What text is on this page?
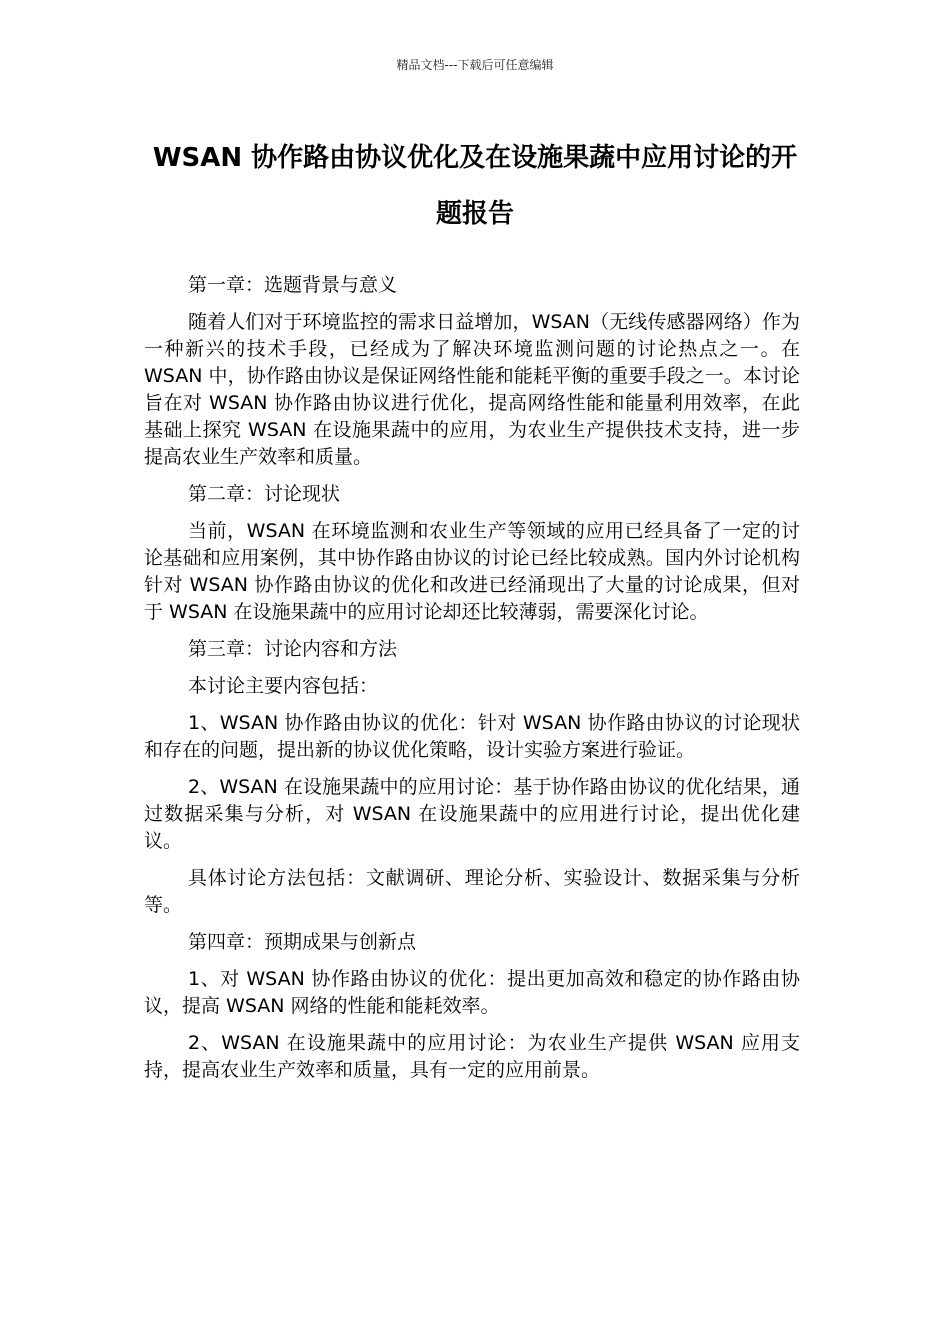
精品文档---下载后可任意编辑
WSAN 协作路由协议优化及在设施果蔬中应用讨论的开题报告

第一章：选题背景与意义

随着人们对于环境监控的需求日益增加，WSAN（无线传感器网络）作为一种新兴的技术手段，已经成为了解决环境监测问题的讨论热点之一。在 WSAN 中，协作路由协议是保证网络性能和能耗平衡的重要手段之一。本讨论旨在对 WSAN 协作路由协议进行优化，提高网络性能和能量利用效率，在此基础上探究 WSAN 在设施果蔬中的应用，为农业生产提供技术支持，进一步提高农业生产效率和质量。

第二章：讨论现状

当前，WSAN 在环境监测和农业生产等领域的应用已经具备了一定的讨论基础和应用案例，其中协作路由协议的讨论已经比较成熟。国内外讨论机构针对 WSAN 协作路由协议的优化和改进已经涌现出了大量的讨论成果，但对于 WSAN 在设施果蔬中的应用讨论却还比较薄弱，需要深化讨论。

第三章：讨论内容和方法

本讨论主要内容包括：

1、WSAN 协作路由协议的优化：针对 WSAN 协作路由协议的讨论现状和存在的问题，提出新的协议优化策略，设计实验方案进行验证。

2、WSAN 在设施果蔬中的应用讨论：基于协作路由协议的优化结果，通过数据采集与分析，对 WSAN 在设施果蔬中的应用进行讨论，提出优化建议。

具体讨论方法包括：文献调研、理论分析、实验设计、数据采集与分析等。

第四章：预期成果与创新点

1、对 WSAN 协作路由协议的优化：提出更加高效和稳定的协作路由协议，提高 WSAN 网络的性能和能耗效率。

2、WSAN 在设施果蔬中的应用讨论：为农业生产提供 WSAN 应用支持，提高农业生产效率和质量，具有一定的应用前景。
